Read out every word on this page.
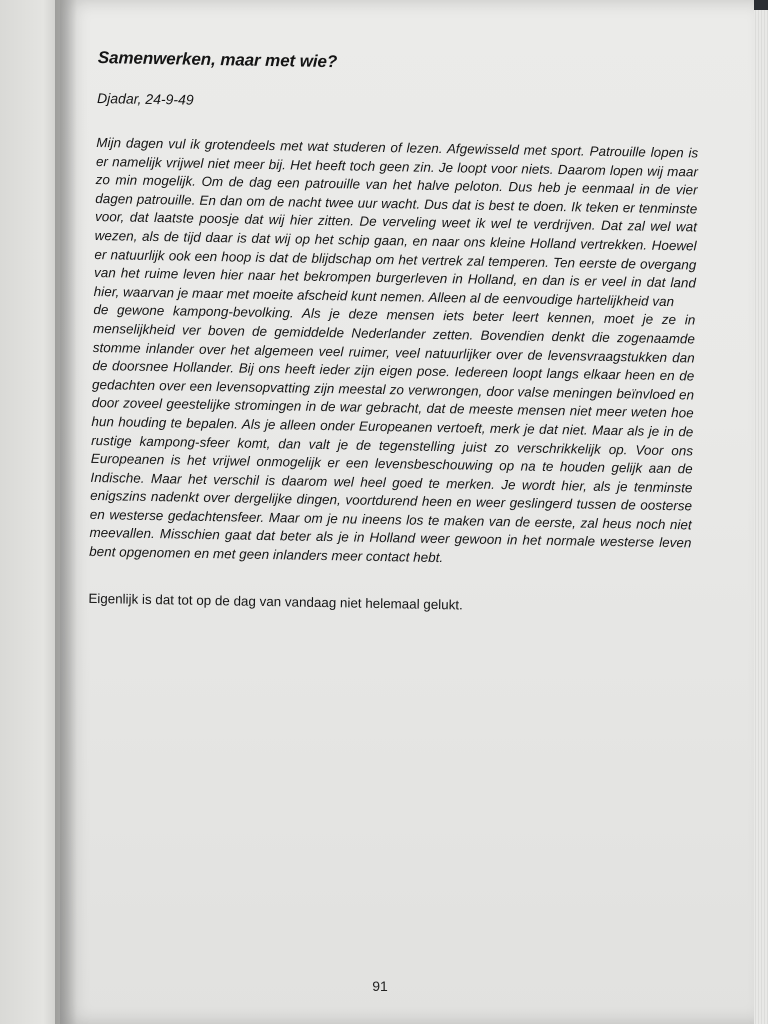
Samenwerken, maar met wie?

Djadar, 24-9-49

Mijn dagen vul ik grotendeels met wat studeren of lezen. Afgewisseld met sport. Patrouille lopen is er namelijk vrijwel niet meer bij. Het heeft toch geen zin. Je loopt voor niets. Daarom lopen wij maar zo min mogelijk. Om de dag een patrouille van het halve peloton. Dus heb je eenmaal in de vier dagen patrouille. En dan om de nacht twee uur wacht. Dus dat is best te doen. Ik teken er tenminste voor, dat laatste poosje dat wij hier zitten. De verveling weet ik wel te verdrijven. Dat zal wel wat wezen, als de tijd daar is dat wij op het schip gaan, en naar ons kleine Holland vertrekken. Hoewel er natuurlijk ook een hoop is dat de blijdschap om het vertrek zal temperen. Ten eerste de overgang van het ruime leven hier naar het bekrompen burgerleven in Holland, en dan is er veel in dat land hier, waarvan je maar met moeite afscheid kunt nemen. Alleen al de eenvoudige hartelijkheid van
de gewone kampong-bevolking. Als je deze mensen iets beter leert kennen, moet je ze in menselijkheid ver boven de gemiddelde Nederlander zetten. Bovendien denkt die zogenaamde stomme inlander over het algemeen veel ruimer, veel natuurlijker over de levensvraagstukken dan de doorsnee Hollander. Bij ons heeft ieder zijn eigen pose. Iedereen loopt langs elkaar heen en de gedachten over een levensopvatting zijn meestal zo verwrongen, door valse meningen beïnvloed en door zoveel geestelijke stromingen in de war gebracht, dat de meeste mensen niet meer weten hoe hun houding te bepalen. Als je alleen onder Europeanen vertoeft, merk je dat niet. Maar als je in de rustige kampong-sfeer komt, dan valt je de tegenstelling juist zo verschrikkelijk op. Voor ons Europeanen is het vrijwel onmogelijk er een levensbeschouwing op na te houden gelijk aan de Indische. Maar het verschil is daarom wel heel goed te merken. Je wordt hier, als je tenminste enigszins nadenkt over dergelijke dingen, voortdurend heen en weer geslingerd tussen de oosterse en westerse gedachtensfeer. Maar om je nu ineens los te maken van de eerste, zal heus noch niet meevallen. Misschien gaat dat beter als je in Holland weer gewoon in het normale westerse leven bent opgenomen en met geen inlanders meer contact hebt.

Eigenlijk is dat tot op de dag van vandaag niet helemaal gelukt.

91
